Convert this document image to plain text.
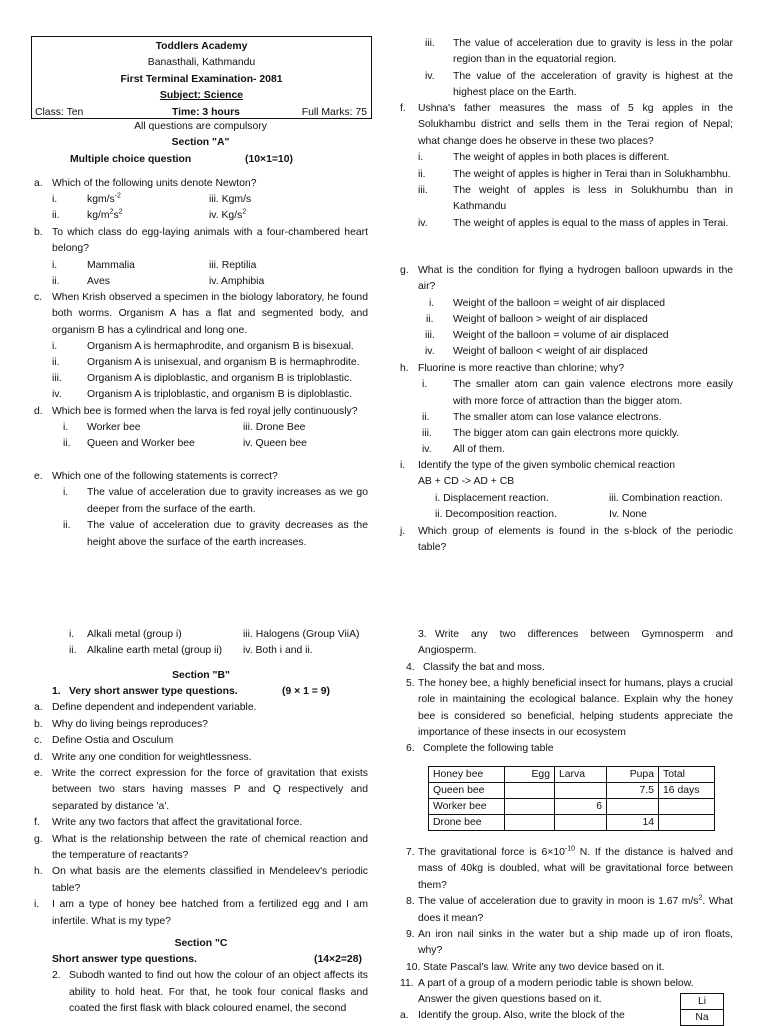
Toddlers Academy
Banasthali, Kathmandu
First Terminal Examination- 2081
Subject: Science
Class: Ten	Time: 3 hours	Full Marks: 75
All questions are compulsory
Section "A"
Multiple choice question	(10×1=10)
a. Which of the following units denote Newton?
i.	kgm/$s^{-2}$	iii. Kgm/s
ii.	$kg/m^2s^2$	iv. $Kg/s^2$
b. To which class do egg-laying animals with a four-chambered heart belong?
i.	Mammalia	iii. Reptilia
ii.	Aves	iv. Amphibia
c. When Krish observed a specimen in the biology laboratory, he found both worms. Organism A has a flat and segmented body, and organism B has a cylindrical and long one.
i.	Organism A is hermaphrodite, and organism B is bisexual.
ii.	Organism A is unisexual, and organism B is hermaphrodite.
iii. Organism A is diploblastic, and organism B is triploblastic.
iv. Organism A is triploblastic, and organism B is diploblastic.
d. Which bee is formed when the larva is fed royal jelly continuously?
i. Worker bee	iii. Drone Bee
ii. Queen and Worker bee	iv. Queen bee
e. Which one of the following statements is correct?
i. The value of acceleration due to gravity increases as we go deeper from the surface of the earth.
ii. The value of acceleration due to gravity decreases as the height above the surface of the earth increases.
iii. The value of acceleration due to gravity is less in the polar region than in the equatorial region.
iv. The value of the acceleration of gravity is highest at the highest place on the Earth.
f. Ushna's father measures the mass of 5 kg apples in the Solukhambu district and sells them in the Terai region of Nepal; what change does he observe in these two places?
i.	The weight of apples in both places is different.
ii.	The weight of apples is higher in Terai than in Solukhambhu.
iii. The weight of apples is less in Solukhumbu than in Kathmandu
iv. The weight of apples is equal to the mass of apples in Terai.
g. What is the condition for flying a hydrogen balloon upwards in the air?
i. Weight of the balloon = weight of air displaced
ii. Weight of balloon > weight of air displaced
iii. Weight of the balloon = volume of air displaced
iv. Weight of balloon < weight of air displaced
h. Fluorine is more reactive than chlorine; why?
i. The smaller atom can gain valence electrons more easily with more force of attraction than the bigger atom.
ii. The smaller atom can lose valance electrons.
iii. The bigger atom can gain electrons more quickly.
iv. All of them.
i. Identify the type of the given symbolic chemical reaction
AB + CD -> AD + CB
i. Displacement reaction.	iii. Combination reaction.
ii. Decomposition reaction.	Iv. None
j. Which group of elements is found in the s-block of the periodic table?
i. Alkali metal (group i)	iii. Halogens (Group ViiA)
ii. Alkaline earth metal (group ii) iv. Both i and ii.
Section "B"
1. Very short answer type questions.	(9 × 1 = 9)
a. Define dependent and independent variable.
b. Why do living beings reproduces?
c. Define Ostia and Osculum
d. Write any one condition for weightlessness.
e. Write the correct expression for the force of gravitation that exists between two stars having masses P and Q respectively and separated by distance 'a'.
f. Write any two factors that affect the gravitational force.
g. What is the relationship between the rate of chemical reaction and the temperature of reactants?
h. On what basis are the elements classified in Mendeleev's periodic table?
i. I am a type of honey bee hatched from a fertilized egg and I am infertile. What is my type?
Section "C
Short answer type questions.	(14×2=28)
2. Subodh wanted to find out how the colour of an object affects its ability to hold heat. For that, he took four conical flasks and coated the first flask with black coloured enamel, the second
3. Write any two differences between Gymnosperm and Angiosperm.
4. Classify the bat and moss.
5. The honey bee, a highly beneficial insect for humans, plays a crucial role in maintaining the ecological balance. Explain why the honey bee is considered so beneficial, helping students appreciate the importance of these insects in our ecosystem
6. Complete the following table
Honey bee	Egg	Larva	Pupa	Total
Queen bee			7.5	16 days
Worker bee		6		
Drone bee			14	
7. The gravitational force is $6\times 10^{-10}$ N. If the distance is halved and mass of 40kg is doubled, what will be gravitational force between them?
8. The value of acceleration due to gravity in moon is 1.67 $m/s^2$. What does it mean?
9. An iron nail sinks in the water but a ship made up of iron floats, why?
10. State Pascal's law. Write any two device based on it.
11. A part of a group of a modern periodic table is shown below.
Answer the given questions based on it.
a. Identify the group. Also, write the block of the
Li
Na
